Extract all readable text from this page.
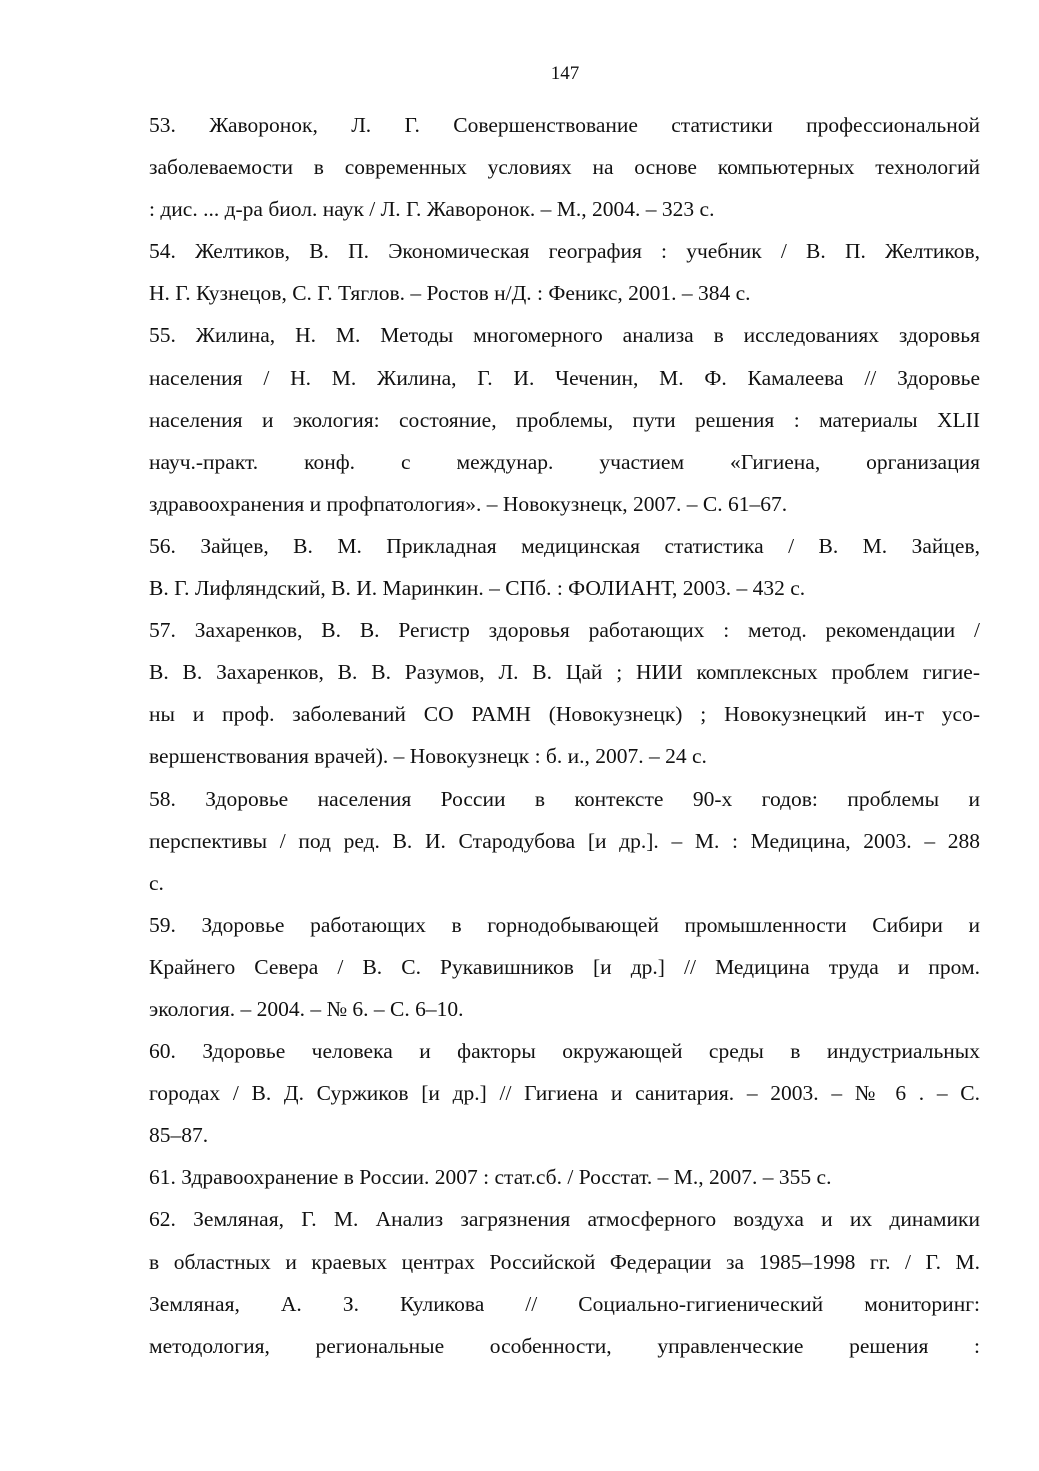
147
53. Жаворонок, Л. Г. Совершенствование статистики профессиональной
заболеваемости в современных условиях на основе компьютерных технологий
: дис. ... д-ра биол. наук / Л. Г. Жаворонок. – М., 2004. – 323 с.
54. Желтиков, В. П. Экономическая география : учебник / В. П. Желтиков,
Н. Г. Кузнецов, С. Г. Тяглов. – Ростов н/Д. : Феникс, 2001. – 384 с.
55. Жилина, Н. М. Методы многомерного анализа в исследованиях здоровья
населения / Н. М. Жилина, Г. И. Чеченин, М. Ф. Камалеева // Здоровье
населения и экология: состояние, проблемы, пути решения : материалы XLII
науч.-практ. конф. с междунар. участием «Гигиена, организация
здравоохранения и профпатология». – Новокузнецк, 2007. – С. 61–67.
56. Зайцев, В. М. Прикладная медицинская статистика / В. М. Зайцев,
В. Г. Лифляндский, В. И. Маринкин. – СПб. : ФОЛИАНТ, 2003. – 432 с.
57. Захаренков, В. В. Регистр здоровья работающих : метод. рекомендации /
В. В. Захаренков, В. В. Разумов, Л. В. Цай ; НИИ комплексных проблем гигие-
ны и проф. заболеваний СО РАМН (Новокузнецк) ; Новокузнецкий ин-т усо-
вершенствования врачей). – Новокузнецк : б. и., 2007. – 24 с.
58. Здоровье населения России в контексте 90-х годов: проблемы и
перспективы / под ред. В. И. Стародубова [и др.]. – М. : Медицина, 2003. – 288
с.
59. Здоровье работающих в горнодобывающей промышленности Сибири и
Крайнего Севера / В. С. Рукавишников [и др.] // Медицина труда и пром.
экология. – 2004. – № 6. – С. 6–10.
60. Здоровье человека и факторы окружающей среды в индустриальных
городах / В. Д. Суржиков [и др.] // Гигиена и санитария. – 2003. – № 6 . – С.
85–87.
61. Здравоохранение в России. 2007 : стат.сб. / Росстат. – М., 2007. – 355 с.
62. Земляная, Г. М. Анализ загрязнения атмосферного воздуха и их динамики
в областных и краевых центрах Российской Федерации за 1985–1998 гг. / Г. М.
Земляная, А. З. Куликова // Социально-гигиенический мониторинг:
методология, региональные особенности, управленческие решения :
